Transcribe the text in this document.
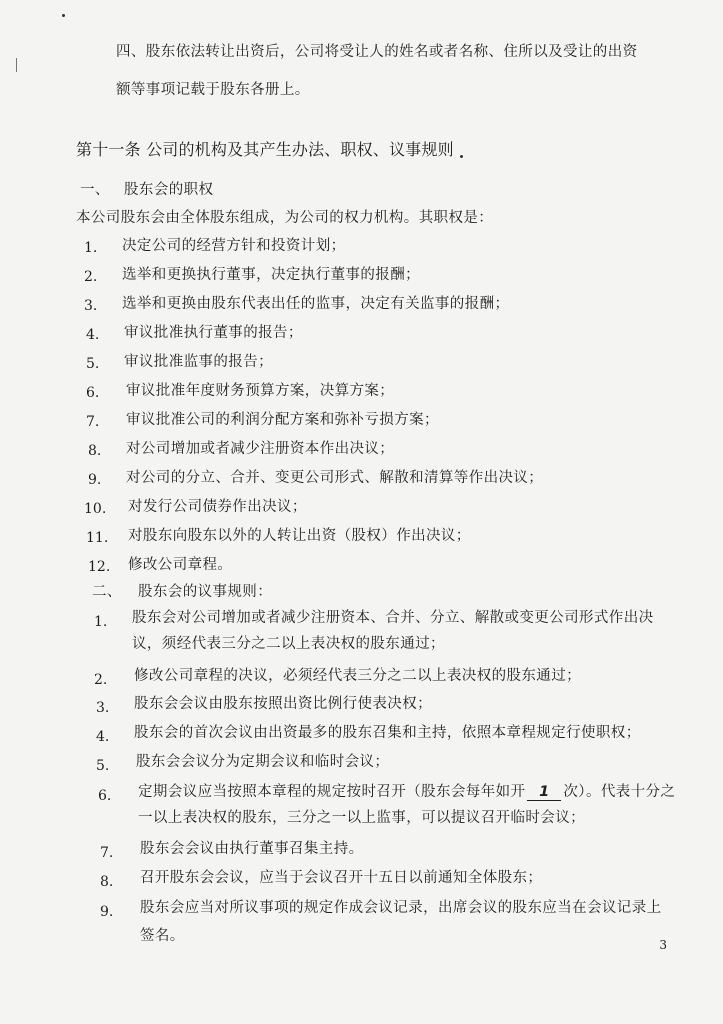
四、股东依法转让出资后，公司将受让人的姓名或者名称、住所以及受让的出资
额等事项记载于股东各册上。
第十一条 公司的机构及其产生办法、职权、议事规则
一、 股东会的职权
本公司股东会由全体股东组成，为公司的权力机构。其职权是：
1. 决定公司的经营方针和投资计划；
2. 选举和更换执行董事，决定执行董事的报酬；
3. 选举和更换由股东代表出任的监事，决定有关监事的报酬；
4. 审议批准执行董事的报告；
5. 审议批准监事的报告；
6. 审议批准年度财务预算方案，决算方案；
7. 审议批准公司的利润分配方案和弥补亏损方案；
8. 对公司增加或者减少注册资本作出决议；
9. 对公司的分立、合并、变更公司形式、解散和清算等作出决议；
10. 对发行公司债券作出决议；
11. 对股东向股东以外的人转让出资（股权）作出决议；
12. 修改公司章程。
二、 股东会的议事规则：
1. 股东会对公司增加或者减少注册资本、合并、分立、解散或变更公司形式作出决
议，须经代表三分之二以上表决权的股东通过；
2. 修改公司章程的决议，必须经代表三分之二以上表决权的股东通过；
3. 股东会会议由股东按照出资比例行使表决权；
4. 股东会的首次会议由出资最多的股东召集和主持，依照本章程规定行使职权；
5. 股东会会议分为定期会议和临时会议；
6. 定期会议应当按照本章程的规定按时召开（股东会每年如开 1 次）。代表十分之
一以上表决权的股东，三分之一以上监事，可以提议召开临时会议；
7. 股东会会议由执行董事召集主持。
8. 召开股东会会议，应当于会议召开十五日以前通知全体股东；
9. 股东会应当对所议事项的规定作成会议记录，出席会议的股东应当在会议记录上
签名。
3
